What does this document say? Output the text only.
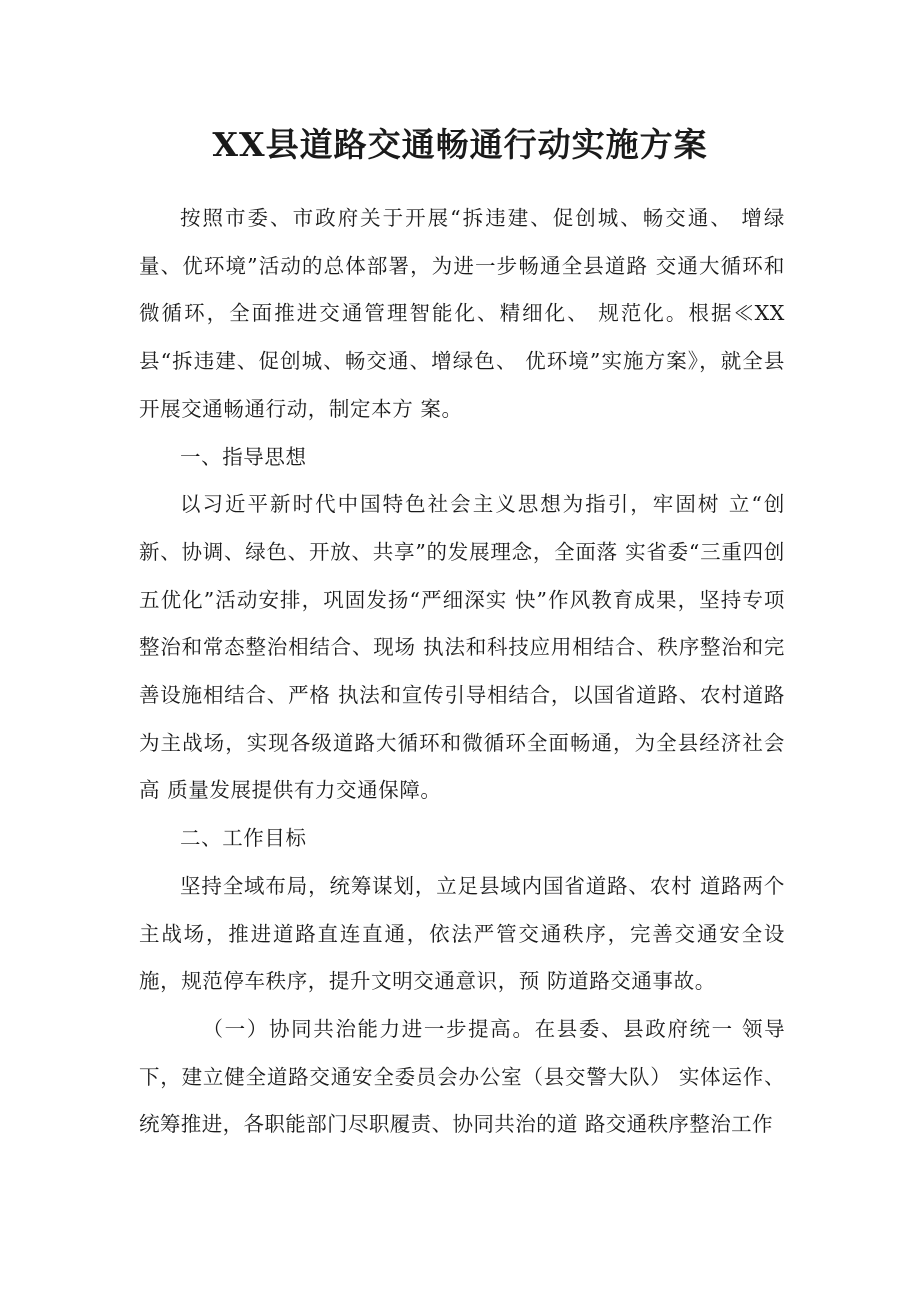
XX县道路交通畅通行动实施方案

按照市委、市政府关于开展“拆违建、促创城、畅交通、 增绿量、优环境”活动的总体部署，为进一步畅通全县道路 交通大循环和微循环，全面推进交通管理智能化、精细化、 规范化。根据≪XX县“拆违建、促创城、畅交通、增绿色、 优环境”实施方案》，就全县开展交通畅通行动，制定本方 案。

一、指导思想

以习近平新时代中国特色社会主义思想为指引，牢固树 立“创新、协调、绿色、开放、共享”的发展理念，全面落 实省委“三重四创五优化”活动安排，巩固发扬“严细深实 快”作风教育成果，坚持专项整治和常态整治相结合、现场 执法和科技应用相结合、秩序整治和完善设施相结合、严格 执法和宣传引导相结合，以国省道路、农村道路为主战场，实现各级道路大循环和微循环全面畅通，为全县经济社会高 质量发展提供有力交通保障。

二、工作目标

坚持全域布局，统筹谋划，立足县域内国省道路、农村 道路两个主战场，推进道路直连直通，依法严管交通秩序，完善交通安全设施，规范停车秩序，提升文明交通意识，预 防道路交通事故。

（一）协同共治能力进一步提高。在县委、县政府统一 领导下，建立健全道路交通安全委员会办公室（县交警大队） 实体运作、统筹推进，各职能部门尽职履责、协同共治的道 路交通秩序整治工作
